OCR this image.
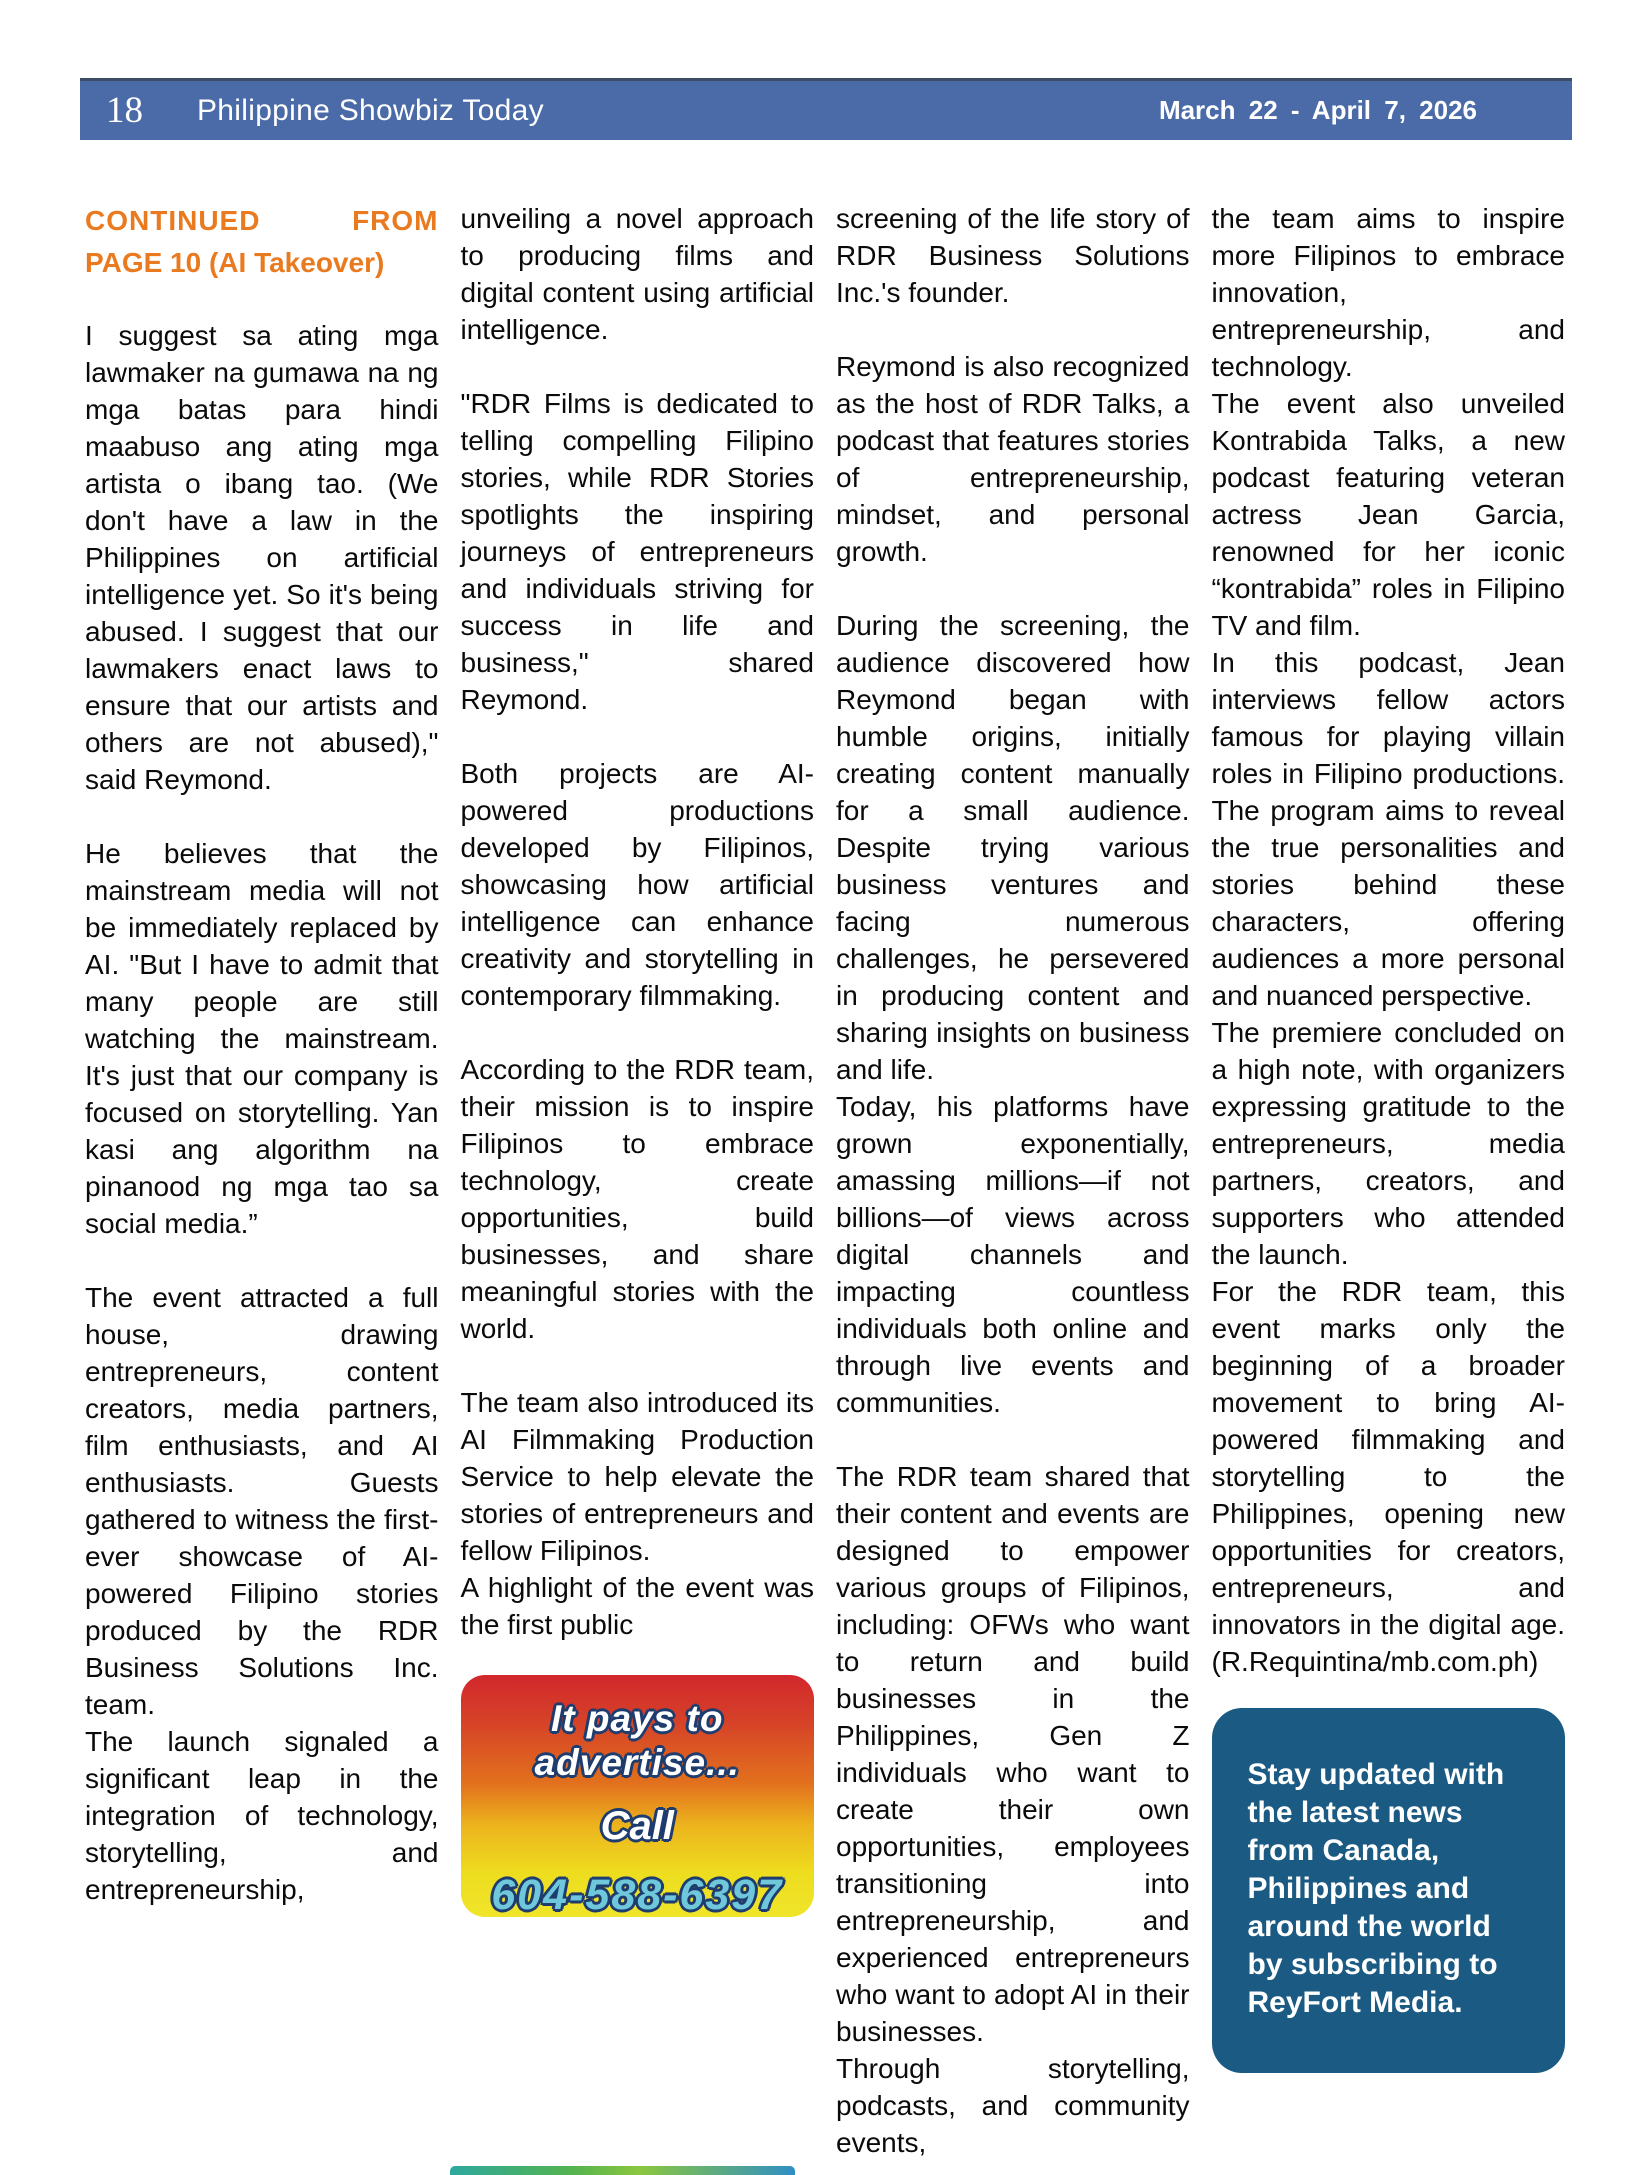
18 Philippine Showbiz Today	March 22 - April 7, 2026
CONTINUED FROM
PAGE 10 (AI Takeover)

I suggest sa ating mga lawmaker na gumawa na ng mga batas para hindi maabuso ang ating mga artista o ibang tao. (We don't have a law in the Philippines on artificial intelligence yet. So it's being abused. I suggest that our lawmakers enact laws to ensure that our artists and others are not abused)," said Reymond.

He believes that the mainstream media will not be immediately replaced by AI. "But I have to admit that many people are still watching the mainstream. It's just that our company is focused on storytelling. Yan kasi ang algorithm na pinanood ng mga tao sa social media.”

The event attracted a full house, drawing entrepreneurs, content creators, media partners, film enthusiasts, and AI enthusiasts. Guests gathered to witness the first-ever showcase of AI-powered Filipino stories produced by the RDR Business Solutions Inc. team.

The launch signaled a significant leap in the integration of technology, storytelling, and entrepreneurship,

unveiling a novel approach to producing films and digital content using artificial intelligence.

"RDR Films is dedicated to telling compelling Filipino stories, while RDR Stories spotlights the inspiring journeys of entrepreneurs and individuals striving for success in life and business," shared Reymond.

Both projects are AI-powered productions developed by Filipinos, showcasing how artificial intelligence can enhance creativity and storytelling in contemporary filmmaking.

According to the RDR team, their mission is to inspire Filipinos to embrace technology, create opportunities, build businesses, and share meaningful stories with the world.

The team also introduced its AI Filmmaking Production Service to help elevate the stories of entrepreneurs and fellow Filipinos.

A highlight of the event was the first public

It pays to
advertise...
Call
604-588-6397

screening of the life story of RDR Business Solutions Inc.'s founder.

Reymond is also recognized as the host of RDR Talks, a podcast that features stories of entrepreneurship, mindset, and personal growth.

During the screening, the audience discovered how Reymond began with humble origins, initially creating content manually for a small audience. Despite trying various business ventures and facing numerous challenges, he persevered in producing content and sharing insights on business and life.

Today, his platforms have grown exponentially, amassing millions—if not billions—of views across digital channels and impacting countless individuals both online and through live events and communities.

The RDR team shared that their content and events are designed to empower various groups of Filipinos, including: OFWs who want to return and build businesses in the Philippines, Gen Z individuals who want to create their own opportunities, employees transitioning into entrepreneurship, and experienced entrepreneurs who want to adopt AI in their businesses.

Through storytelling, podcasts, and community events,

the team aims to inspire more Filipinos to embrace innovation, entrepreneurship, and technology.

The event also unveiled Kontrabida Talks, a new podcast featuring veteran actress Jean Garcia, renowned for her iconic “kontrabida” roles in Filipino TV and film.

In this podcast, Jean interviews fellow actors famous for playing villain roles in Filipino productions. The program aims to reveal the true personalities and stories behind these characters, offering audiences a more personal and nuanced perspective.

The premiere concluded on a high note, with organizers expressing gratitude to the entrepreneurs, media partners, creators, and supporters who attended the launch.

For the RDR team, this event marks only the beginning of a broader movement to bring AI-powered filmmaking and storytelling to the Philippines, opening new opportunities for creators, entrepreneurs, and innovators in the digital age. (R.Requintina/mb.com.ph)

Stay updated with the latest news from Canada, Philippines and around the world by subscribing to ReyFort Media.
